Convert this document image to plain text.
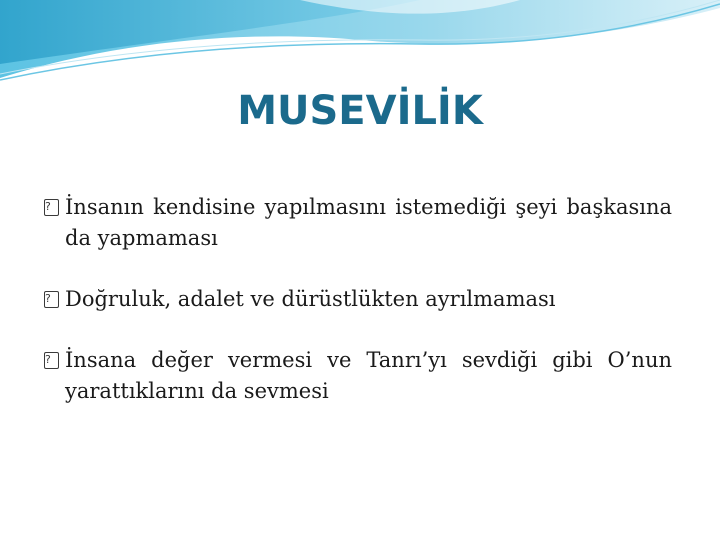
MUSEVİLİK
?
İnsanın kendisine yapılmasını istemediği şeyi başkasına da yapmaması
?
Doğruluk, adalet ve dürüstlükten ayrılmaması
?
İnsana değer vermesi ve Tanrı’yı sevdiği gibi O’nun yarattıklarını da sevmesi
